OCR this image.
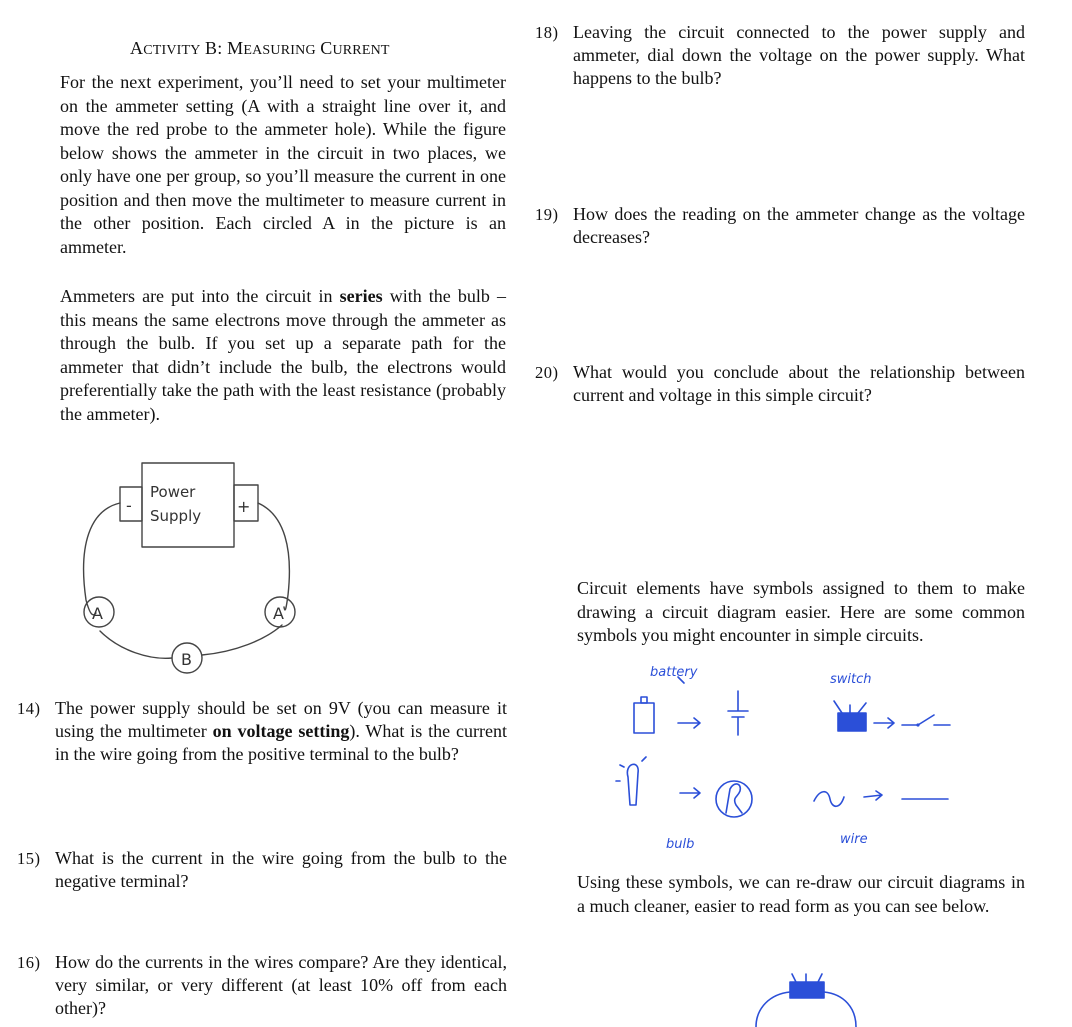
ACTIVITY B: MEASURING CURRENT
For the next experiment, you’ll need to set your multimeter on the ammeter setting (A with a straight line over it, and move the red probe to the ammeter hole). While the figure below shows the ammeter in the circuit in two places, we only have one per group, so you’ll measure the current in one position and then move the multimeter to measure current in the other position. Each circled A in the picture is an ammeter.
Ammeters are put into the circuit in series with the bulb – this means the same electrons move through the ammeter as through the bulb. If you set up a separate path for the ammeter that didn’t include the bulb, the electrons would preferentially take the path with the least resistance (probably the ammeter).
Power
Supply
-	+
A	A
B
14) The power supply should be set on 9V (you can measure it using the multimeter on voltage setting). What is the current in the wire going from the positive terminal to the bulb?
15) What is the current in the wire going from the bulb to the negative terminal?
16) How do the currents in the wires compare? Are they identical, very similar, or very different (at least 10% off from each other)?
18) Leaving the circuit connected to the power supply and ammeter, dial down the voltage on the power supply. What happens to the bulb?
19) How does the reading on the ammeter change as the voltage decreases?
20) What would you conclude about the relationship between current and voltage in this simple circuit?
Circuit elements have symbols assigned to them to make drawing a circuit diagram easier. Here are some common symbols you might encounter in simple circuits.
battery	switch
bulb	wire
Using these symbols, we can re-draw our circuit diagrams in a much cleaner, easier to read form as you can see below.
